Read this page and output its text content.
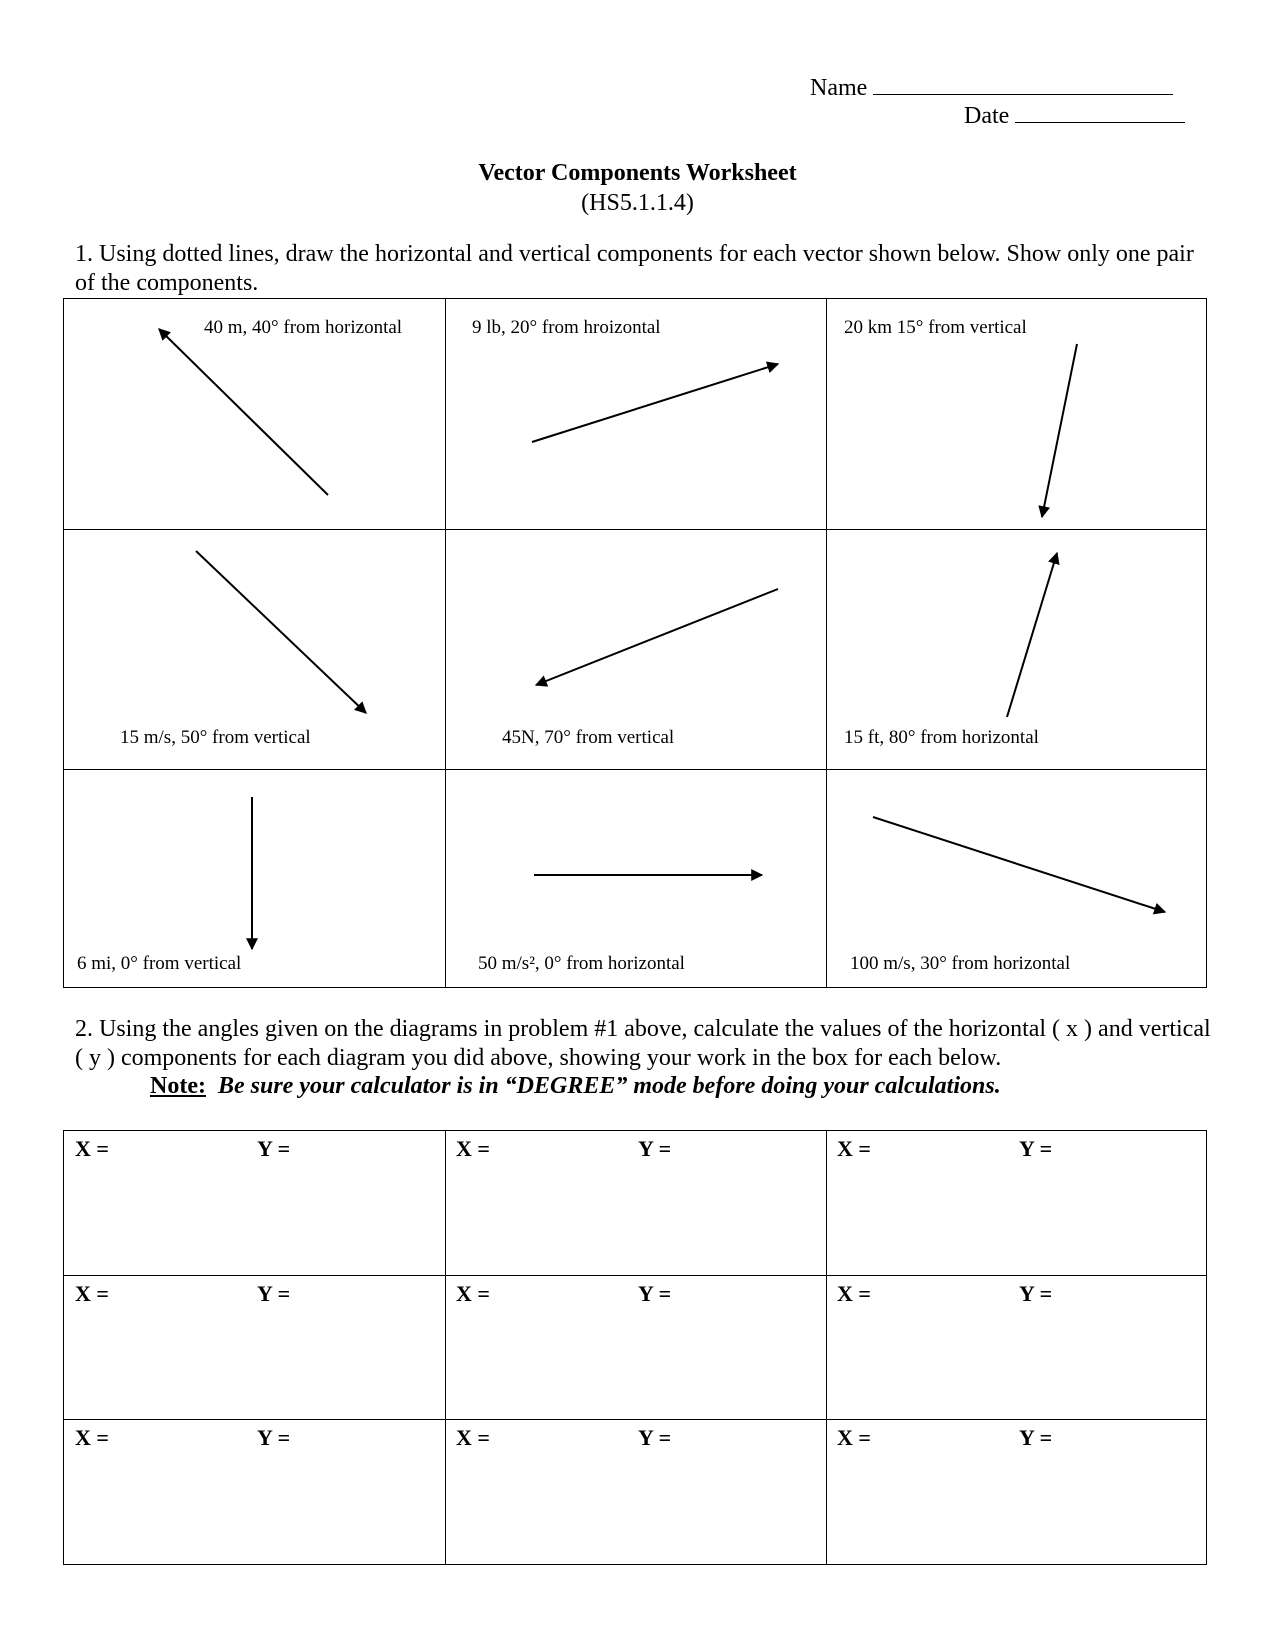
Name
Date
Vector Components Worksheet
(HS5.1.1.4)
1. Using dotted lines, draw the horizontal and vertical components for each vector shown below. Show only one pair of the components.
40 m, 40° from horizontal	9 lb, 20° from hroizontal	20 km 15° from vertical
15 m/s, 50° from vertical	45N, 70° from vertical	15 ft, 80° from horizontal
6 mi, 0° from vertical	50 m/s², 0° from horizontal	100 m/s, 30° from horizontal
2. Using the angles given on the diagrams in problem #1 above, calculate the values of the horizontal ( x ) and vertical ( y ) components for each diagram you did above, showing your work in the box for each below.
Note: Be sure your calculator is in “DEGREE” mode before doing your calculations.
X =	Y =	X =	Y =	X =	Y =
X =	Y =	X =	Y =	X =	Y =
X =	Y =	X =	Y =	X =	Y =
